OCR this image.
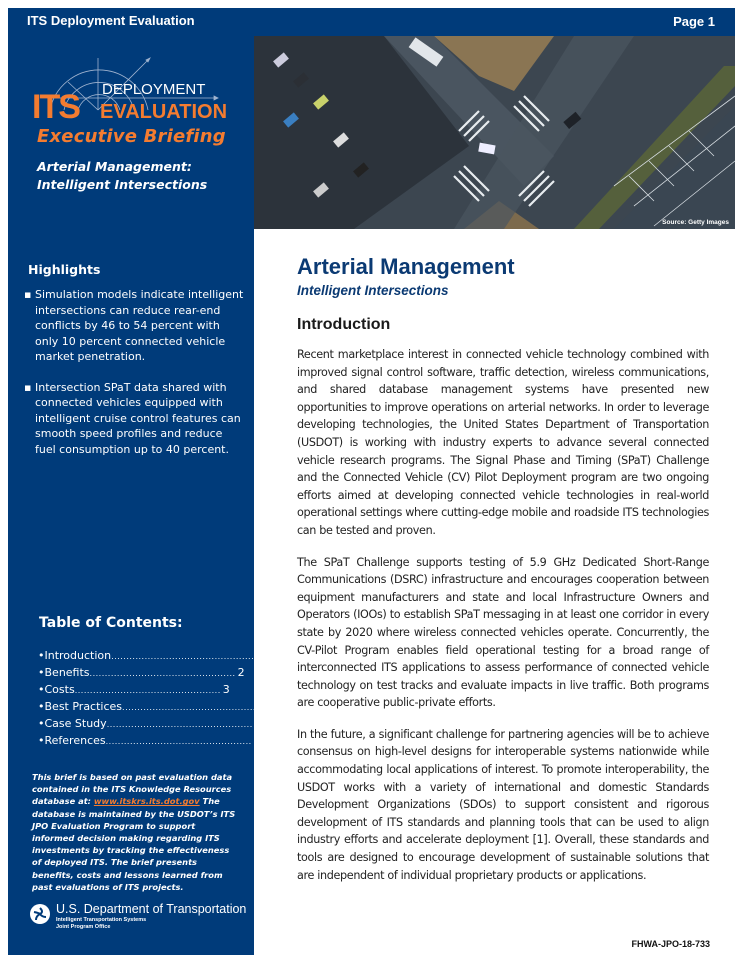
ITS Deployment Evaluation	Page 1
ITS DEPLOYMENT
EVALUATION
Executive Briefing
Arterial Management:
Intelligent Intersections
Highlights
▪ Simulation models indicate intelligent intersections can reduce rear-end conflicts by 46 to 54 percent with only 10 percent connected vehicle market penetration.
▪ Intersection SPaT data shared with connected vehicles equipped with intelligent cruise control features can smooth speed profiles and reduce fuel consumption up to 40 percent.
Table of Contents:
• Introduction ................................................ 1
• Benefits ................................................ 2
• Costs ................................................ 3
• Best Practices ................................................ 3
• Case Study ................................................ 4
• References ................................................ 4
This brief is based on past evaluation data contained in the ITS Knowledge Resources database at: www.itskrs.its.dot.gov The database is maintained by the USDOT’s ITS JPO Evaluation Program to support informed decision making regarding ITS investments by tracking the effectiveness of deployed ITS. The brief presents benefits, costs and lessons learned from past evaluations of ITS projects.
U.S. Department of Transportation
Intelligent Transportation Systems
Joint Program Office
Source: Getty Images
Arterial Management
Intelligent Intersections
Introduction

Recent marketplace interest in connected vehicle technology combined with improved signal control software, traffic detection, wireless communications, and shared database management systems have presented new opportunities to improve operations on arterial networks. In order to leverage developing technologies, the United States Department of Transportation (USDOT) is working with industry experts to advance several connected vehicle research programs. The Signal Phase and Timing (SPaT) Challenge and the Connected Vehicle (CV) Pilot Deployment program are two ongoing efforts aimed at developing connected vehicle technologies in real-world operational settings where cutting-edge mobile and roadside ITS technologies can be tested and proven.

The SPaT Challenge supports testing of 5.9 GHz Dedicated Short-Range Communications (DSRC) infrastructure and encourages cooperation between equipment manufacturers and state and local Infrastructure Owners and Operators (IOOs) to establish SPaT messaging in at least one corridor in every state by 2020 where wireless connected vehicles operate. Concurrently, the CV-Pilot Program enables field operational testing for a broad range of interconnected ITS applications to assess performance of connected vehicle technology on test tracks and evaluate impacts in live traffic. Both programs are cooperative public-private efforts.

In the future, a significant challenge for partnering agencies will be to achieve consensus on high-level designs for interoperable systems nationwide while accommodating local applications of interest. To promote interoperability, the USDOT works with a variety of international and domestic Standards Development Organizations (SDOs) to support consistent and rigorous development of ITS standards and planning tools that can be used to align industry efforts and accelerate deployment [1]. Overall, these standards and tools are designed to encourage development of sustainable solutions that are independent of individual proprietary products or applications.

FHWA-JPO-18-733
